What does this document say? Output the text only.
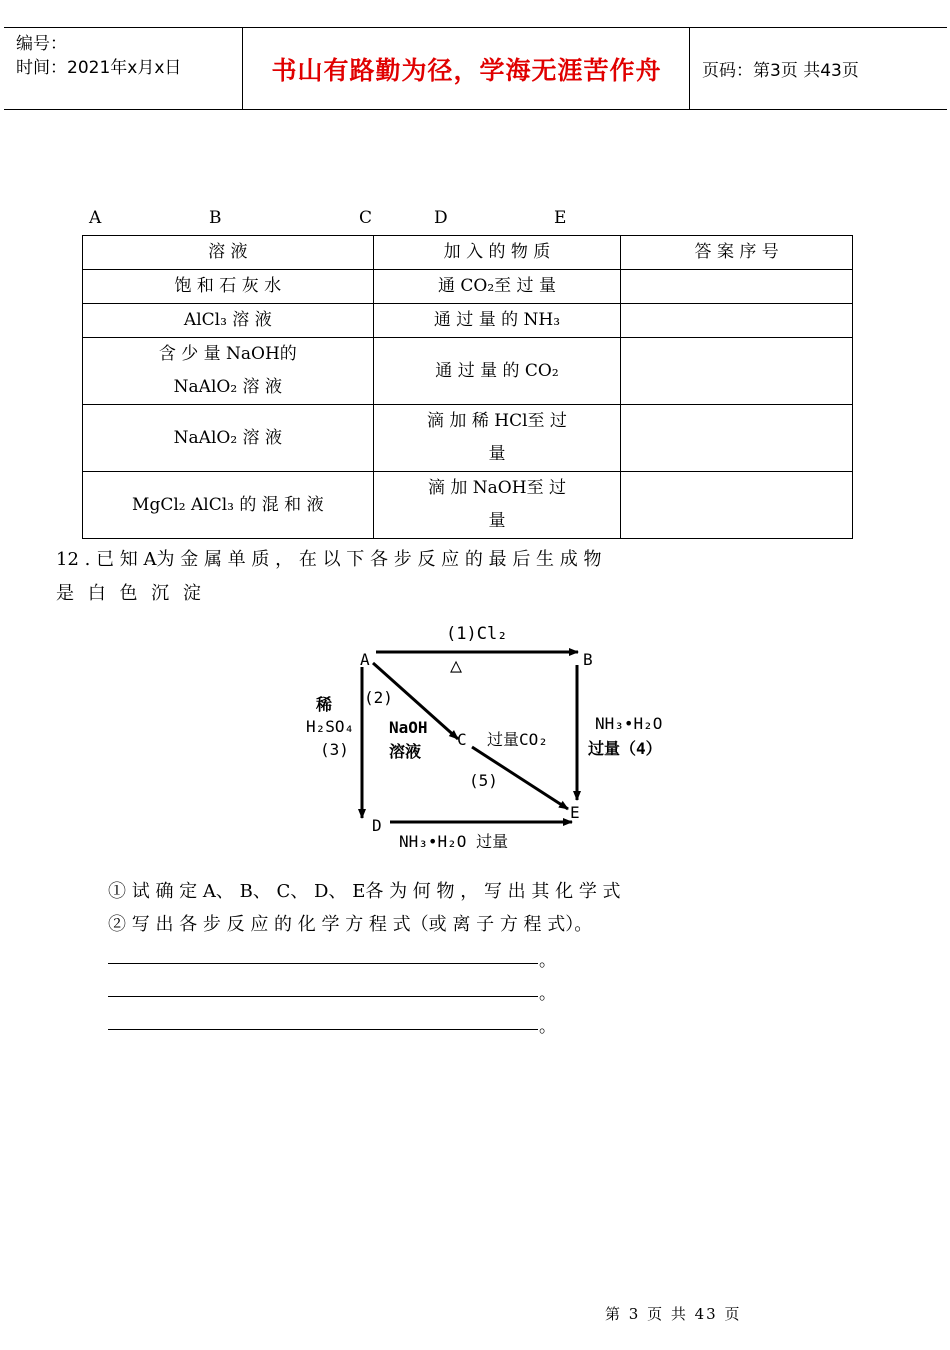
编号：
时间：2021年x月x日	书山有路勤为径，学海无涯苦作舟	页码：第3页 共43页
A	B	C	D	E
溶 液	加 入 的 物 质	答 案 序 号
饱 和 石 灰 水	通 CO₂至 过 量	
AlCl₃ 溶 液	通 过 量 的 NH₃	

含 少 量 NaOH的
NaAlO₂ 溶 液	通 过 量 的 CO₂	
NaAlO₂ 溶 液	滴 加 稀 HCl至 过
量	

MgCl₂ AlCl₃ 的 混 和 液	滴 加 NaOH至 过
量	

12 . 已 知 A为 金 属 单 质 ， 在 以 下 各 步 反 应 的 最 后 生 成 物
是 白 色 沉 淀
A	B
C
D
E
(1)Cl₂
△
(2)
NaOH
溶液
稀
H₂SO₄
(3)
NH₃•H₂O
过量（4）
过量CO₂
(5)
NH₃•H₂O 过量
① 试 确 定 A、 B、 C、 D、 E各 为 何 物 ， 写 出 其 化 学 式
② 写 出 各 步 反 应 的 化 学 方 程 式（或 离 子 方 程 式）。
。
。
。
第 3 页 共 43 页
